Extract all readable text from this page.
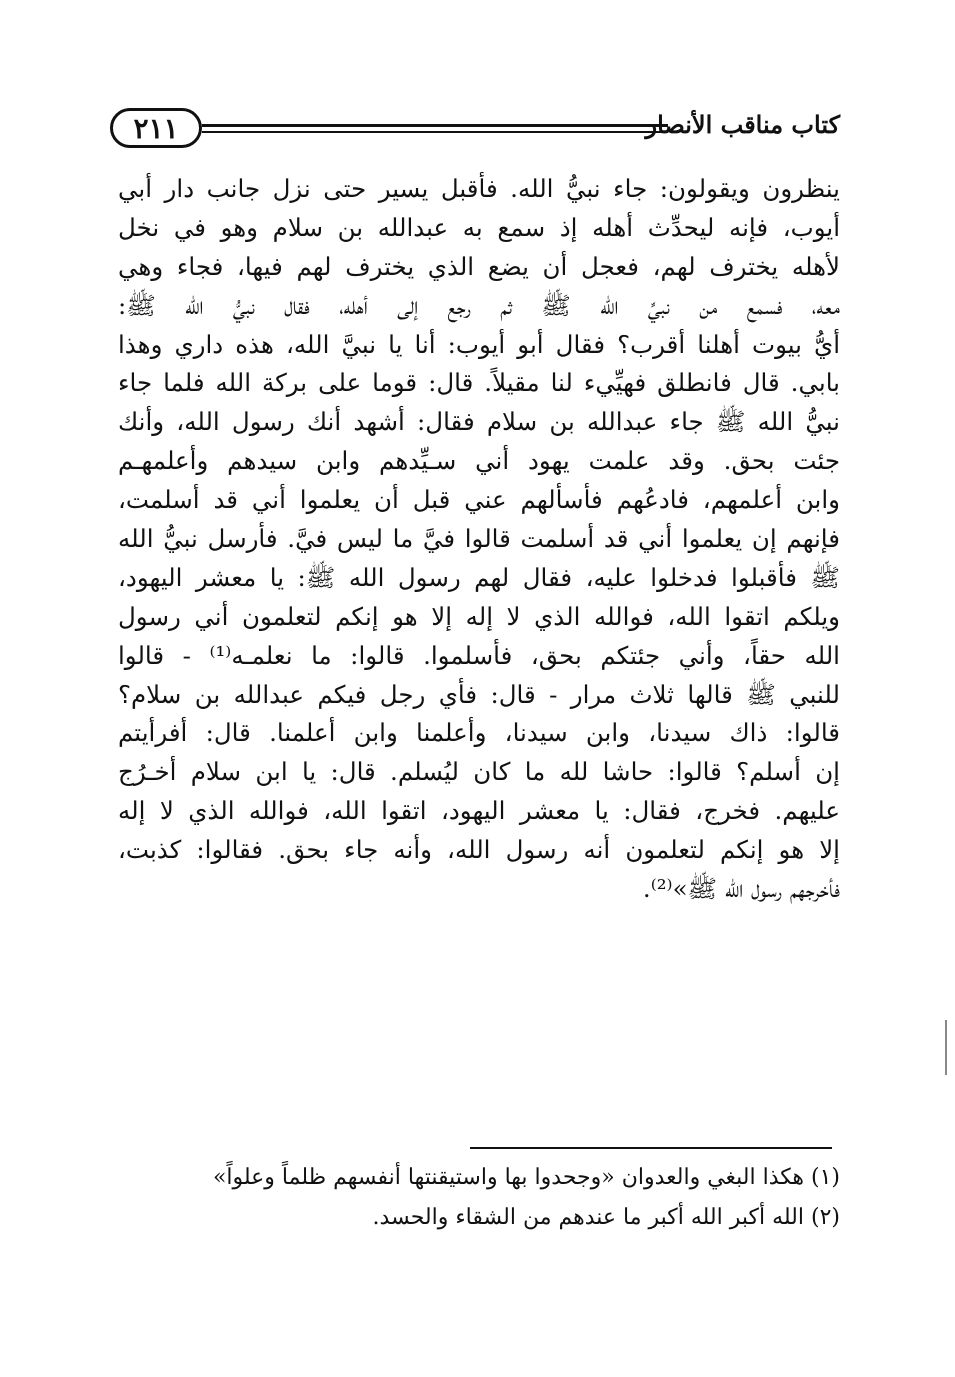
٢١١	كتاب مناقب الأنصار
ينظرون ويقولون: جاء نبيُّ الله. فأقبل يسير حتى نزل جانب دار أبي
أيوب، فإنه ليحدِّث أهله إذ سمع به عبدالله بن سلام وهو في نخل
لأهله يخترف لهم، فعجل أن يضع الذي يخترف لهم فيها، فجاء وهي
معه، فسمع من نبيِّ الله ﷺ ثم رجع إلى أهله، فقال نبيُّ الله ﷺ:
أيُّ بيوت أهلنا أقرب؟ فقال أبو أيوب: أنا يا نبيَّ الله، هذه داري وهذا
بابي. قال فانطلق فهيِّيء لنا مقيلاً. قال: قوما على بركة الله فلما جاء
نبيُّ الله ﷺ جاء عبدالله بن سلام فقال: أشهد أنك رسول الله، وأنك
جئت بحق. وقد علمت يهود أني سـيِّدهم وابن سيدهم وأعلمهـم
وابن أعلمهم، فادعُهم فأسألهم عني قبل أن يعلموا أني قد أسلمت،
فإنهم إن يعلموا أني قد أسلمت قالوا فيَّ ما ليس فيَّ. فأرسل نبيُّ الله
ﷺ فأقبلوا فدخلوا عليه، فقال لهم رسول الله ﷺ: يا معشر اليهود،
ويلكم اتقوا الله، فوالله الذي لا إله إلا هو إنكم لتعلمون أني رسول
الله حقاً، وأني جئتكم بحق، فأسلموا. قالوا: ما نعلمـه⁽¹⁾ - قالوا
للنبي ﷺ قالها ثلاث مرار - قال: فأي رجل فيكم عبدالله بن سلام؟
قالوا: ذاك سيدنا، وابن سيدنا، وأعلمنا وابن أعلمنا. قال: أفرأيتم
إن أسلم؟ قالوا: حاشا لله ما كان ليُسلم. قال: يا ابن سلام أخـرُج
عليهم. فخرج، فقال: يا معشر اليهود، اتقوا الله، فوالله الذي لا إله
إلا هو إنكم لتعلمون أنه رسول الله، وأنه جاء بحق. فقالوا: كذبت،
فأخرجهم رسول الله ﷺ»⁽²⁾.
(١) هكذا البغي والعدوان «وجحدوا بها واستيقنتها أنفسهم ظلماً وعلواً»
(٢) الله أكبر الله أكبر ما عندهم من الشقاء والحسد.
